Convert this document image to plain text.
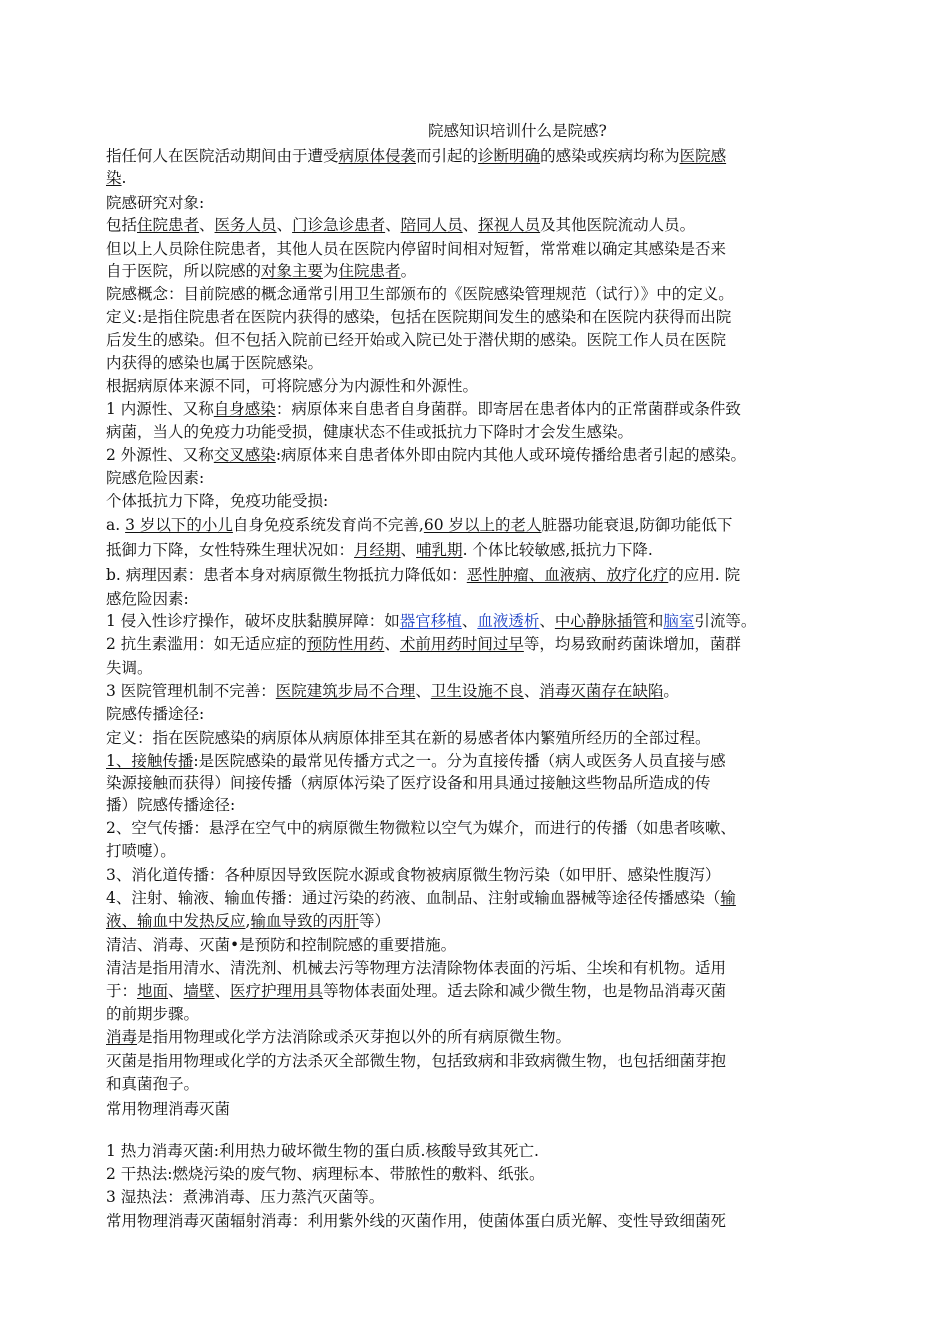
院感知识培训什么是院感?
指任何人在医院活动期间由于遭受病原体侵袭而引起的诊断明确的感染或疾病均称为医院感
染.
院感研究对象:
包括住院患者、医务人员、门诊急诊患者、陪同人员、探视人员及其他医院流动人员。
但以上人员除住院患者，其他人员在医院内停留时间相对短暂，常常难以确定其感染是否来
自于医院，所以院感的对象主要为住院患者。
院感概念：目前院感的概念通常引用卫生部颁布的《医院感染管理规范（试行）》中的定义。
定义:是指住院患者在医院内获得的感染，包括在医院期间发生的感染和在医院内获得而出院
后发生的感染。但不包括入院前已经开始或入院已处于潜伏期的感染。医院工作人员在医院
内获得的感染也属于医院感染。
根据病原体来源不同，可将院感分为内源性和外源性。
1 内源性、又称自身感染：病原体来自患者自身菌群。即寄居在患者体内的正常菌群或条件致
病菌，当人的免疫力功能受损，健康状态不佳或抵抗力下降时才会发生感染。
2 外源性、又称交叉感染:病原体来自患者体外即由院内其他人或环境传播给患者引起的感染。
院感危险因素:
个体抵抗力下降，免疫功能受损:
a. 3 岁以下的小儿自身免疫系统发育尚不完善,60 岁以上的老人脏器功能衰退,防御功能低下
抵御力下降，女性特殊生理状况如：月经期、哺乳期. 个体比较敏感,抵抗力下降.
b. 病理因素：患者本身对病原微生物抵抗力降低如：恶性肿瘤、血液病、放疗化疗的应用. 院
感危险因素:
1 侵入性诊疗操作，破坏皮肤黏膜屏障：如器官移植、血液透析、中心静脉插管和脑室引流等。
2 抗生素滥用：如无适应症的预防性用药、术前用药时间过早等，均易致耐药菌诛增加，菌群
失调。
3 医院管理机制不完善：医院建筑步局不合理、卫生设施不良、消毒灭菌存在缺陷。
院感传播途径:
定义：指在医院感染的病原体从病原体排至其在新的易感者体内繁殖所经历的全部过程。
1、接触传播:是医院感染的最常见传播方式之一。分为直接传播（病人或医务人员直接与感
染源接触而获得）间接传播（病原体污染了医疗设备和用具通过接触这些物品所造成的传
播）院感传播途径:
2、空气传播：悬浮在空气中的病原微生物微粒以空气为媒介，而进行的传播（如患者咳嗽、
打喷嚏）。
3、消化道传播：各种原因导致医院水源或食物被病原微生物污染（如甲肝、感染性腹泻）
4、注射、输液、输血传播：通过污染的药液、血制品、注射或输血器械等途径传播感染（输
液、输血中发热反应,输血导致的丙肝等）
清洁、消毒、灭菌•是预防和控制院感的重要措施。
清洁是指用清水、清洗剂、机械去污等物理方法清除物体表面的污垢、尘埃和有机物。适用
于：地面、墙壁、医疗护理用具等物体表面处理。适去除和减少微生物，也是物品消毒灭菌
的前期步骤。
消毒是指用物理或化学方法消除或杀灭芽抱以外的所有病原微生物。
灭菌是指用物理或化学的方法杀灭全部微生物，包括致病和非致病微生物，也包括细菌芽抱
和真菌孢子。
常用物理消毒灭菌
1 热力消毒灭菌:利用热力破坏微生物的蛋白质.核酸导致其死亡.
2 干热法:燃烧污染的废气物、病理标本、带脓性的敷料、纸张。
3 湿热法：煮沸消毒、压力蒸汽灭菌等。
常用物理消毒灭菌辐射消毒：利用紫外线的灭菌作用，使菌体蛋白质光解、变性导致细菌死
